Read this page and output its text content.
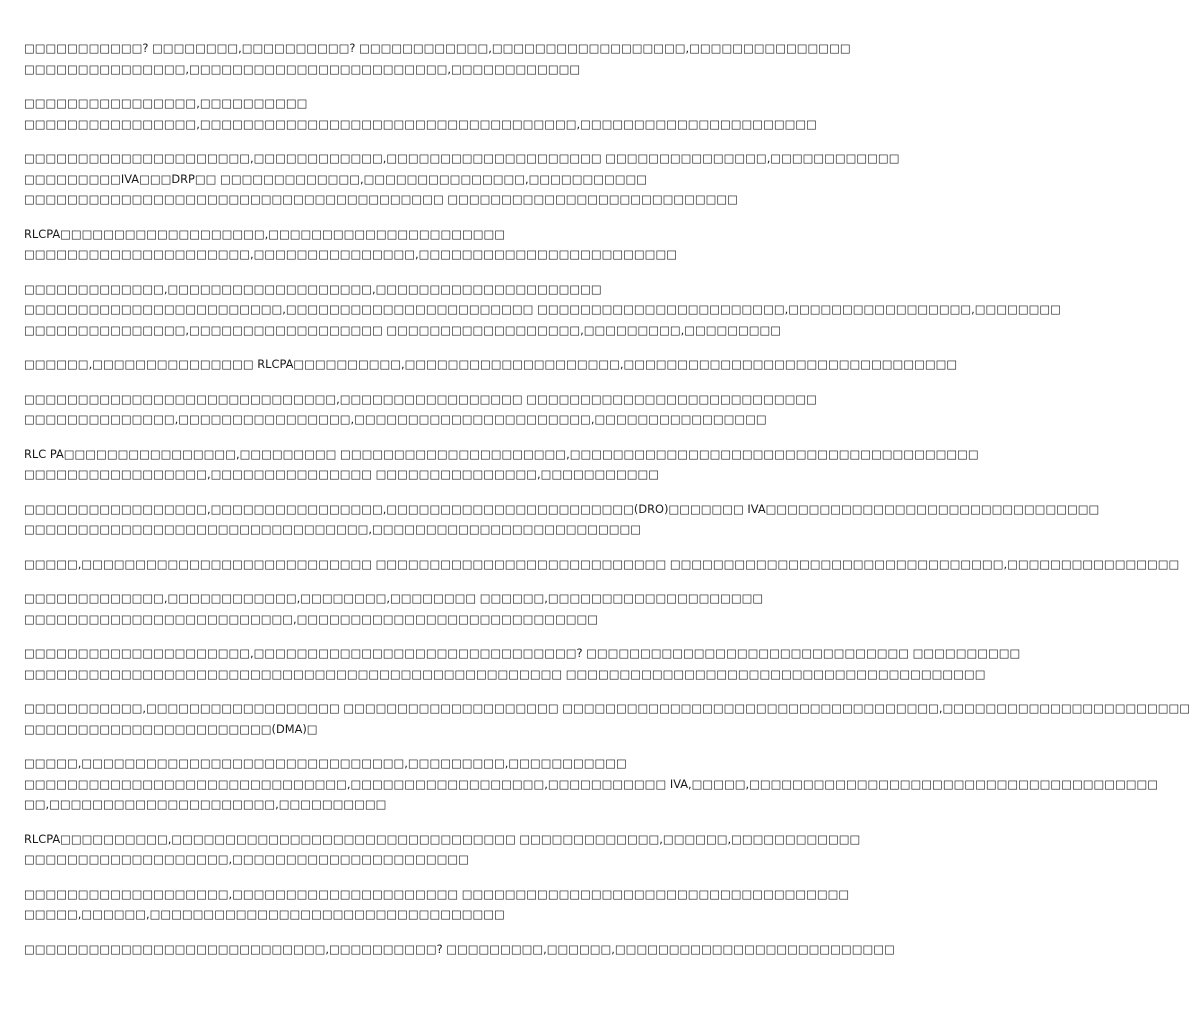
□□□□□□□□□□□? □□□□□□□□,□□□□□□□□□□? □□□□□□□□□□□□,□□□□□□□□□□□□□□□□□□,□□□□□□□□□□□□□□□
□□□□□□□□□□□□□□□,□□□□□□□□□□□□□□□□□□□□□□□□,□□□□□□□□□□□□

□□□□□□□□□□□□□□□□,□□□□□□□□□□
□□□□□□□□□□□□□□□□,□□□□□□□□□□□□□□□□□□□□□□□□□□□□□□□□□□□,□□□□□□□□□□□□□□□□□□□□□□

□□□□□□□□□□□□□□□□□□□□□,□□□□□□□□□□□□,□□□□□□□□□□□□□□□□□□□□ □□□□□□□□□□□□□□□,□□□□□□□□□□□□
□□□□□□□□□IVA□□□DRP□□ □□□□□□□□□□□□□,□□□□□□□□□□□□□□□,□□□□□□□□□□□
□□□□□□□□□□□□□□□□□□□□□□□□□□□□□□□□□□□□□□□ □□□□□□□□□□□□□□□□□□□□□□□□□□□

RLCPA□□□□□□□□□□□□□□□□□□□,□□□□□□□□□□□□□□□□□□□□□□
□□□□□□□□□□□□□□□□□□□□□,□□□□□□□□□□□□□□□,□□□□□□□□□□□□□□□□□□□□□□□□

□□□□□□□□□□□□□,□□□□□□□□□□□□□□□□□□□,□□□□□□□□□□□□□□□□□□□□□
□□□□□□□□□□□□□□□□□□□□□□□□,□□□□□□□□□□□□□□□□□□□□□□□ □□□□□□□□□□□□□□□□□□□□□□□,□□□□□□□□□□□□□□□□□,□□□□□□□□
□□□□□□□□□□□□□□□,□□□□□□□□□□□□□□□□□□ □□□□□□□□□□□□□□□□□□,□□□□□□□□□,□□□□□□□□□

□□□□□□,□□□□□□□□□□□□□□□ RLCPA□□□□□□□□□□,□□□□□□□□□□□□□□□□□□□□,□□□□□□□□□□□□□□□□□□□□□□□□□□□□□□□

□□□□□□□□□□□□□□□□□□□□□□□□□□□□□,□□□□□□□□□□□□□□□□□ □□□□□□□□□□□□□□□□□□□□□□□□□□□
□□□□□□□□□□□□□□,□□□□□□□□□□□□□□□□,□□□□□□□□□□□□□□□□□□□□□□,□□□□□□□□□□□□□□□□

RLC PA□□□□□□□□□□□□□□□□,□□□□□□□□□ □□□□□□□□□□□□□□□□□□□□□,□□□□□□□□□□□□□□□□□□□□□□□□□□□□□□□□□□□□□□
□□□□□□□□□□□□□□□□□,□□□□□□□□□□□□□□□ □□□□□□□□□□□□□□□,□□□□□□□□□□□

□□□□□□□□□□□□□□□□□,□□□□□□□□□□□□□□□□,□□□□□□□□□□□□□□□□□□□□□□□(DRO)□□□□□□□ IVA□□□□□□□□□□□□□□□□□□□□□□□□□□□□□□□
□□□□□□□□□□□□□□□□□□□□□□□□□□□□□□□□,□□□□□□□□□□□□□□□□□□□□□□□□□

□□□□□,□□□□□□□□□□□□□□□□□□□□□□□□□□□ □□□□□□□□□□□□□□□□□□□□□□□□□□□ □□□□□□□□□□□□□□□□□□□□□□□□□□□□□□□,□□□□□□□□□□□□□□□□

□□□□□□□□□□□□□,□□□□□□□□□□□□,□□□□□□□□,□□□□□□□□ □□□□□□,□□□□□□□□□□□□□□□□□□□□
□□□□□□□□□□□□□□□□□□□□□□□□□,□□□□□□□□□□□□□□□□□□□□□□□□□□□□

□□□□□□□□□□□□□□□□□□□□□,□□□□□□□□□□□□□□□□□□□□□□□□□□□□□□? □□□□□□□□□□□□□□□□□□□□□□□□□□□□□□ □□□□□□□□□□
□□□□□□□□□□□□□□□□□□□□□□□□□□□□□□□□□□□□□□□□□□□□□□□□□□ □□□□□□□□□□□□□□□□□□□□□□□□□□□□□□□□□□□□□□□

□□□□□□□□□□□,□□□□□□□□□□□□□□□□□□ □□□□□□□□□□□□□□□□□□□□ □□□□□□□□□□□□□□□□□□□□□□□□□□□□□□□□□□□,□□□□□□□□□□□□□□□□□□□□□□□
□□□□□□□□□□□□□□□□□□□□□□□(DMA)□

□□□□□,□□□□□□□□□□□□□□□□□□□□□□□□□□□□□□,□□□□□□□□□,□□□□□□□□□□□
□□□□□□□□□□□□□□□□□□□□□□□□□□□□□□,□□□□□□□□□□□□□□□□□□,□□□□□□□□□□□ IVA,□□□□□,□□□□□□□□□□□□□□□□□□□□□□□□□□□□□□□□□□□□□□
□□,□□□□□□□□□□□□□□□□□□□□□,□□□□□□□□□□

RLCPA□□□□□□□□□□,□□□□□□□□□□□□□□□□□□□□□□□□□□□□□□□□ □□□□□□□□□□□□□,□□□□□□,□□□□□□□□□□□□
□□□□□□□□□□□□□□□□□□□,□□□□□□□□□□□□□□□□□□□□□□

□□□□□□□□□□□□□□□□□□□,□□□□□□□□□□□□□□□□□□□□□ □□□□□□□□□□□□□□□□□□□□□□□□□□□□□□□□□□□□
□□□□□,□□□□□□,□□□□□□□□□□□□□□□□□□□□□□□□□□□□□□□□□

□□□□□□□□□□□□□□□□□□□□□□□□□□□□,□□□□□□□□□□? □□□□□□□□□,□□□□□□,□□□□□□□□□□□□□□□□□□□□□□□□□□
